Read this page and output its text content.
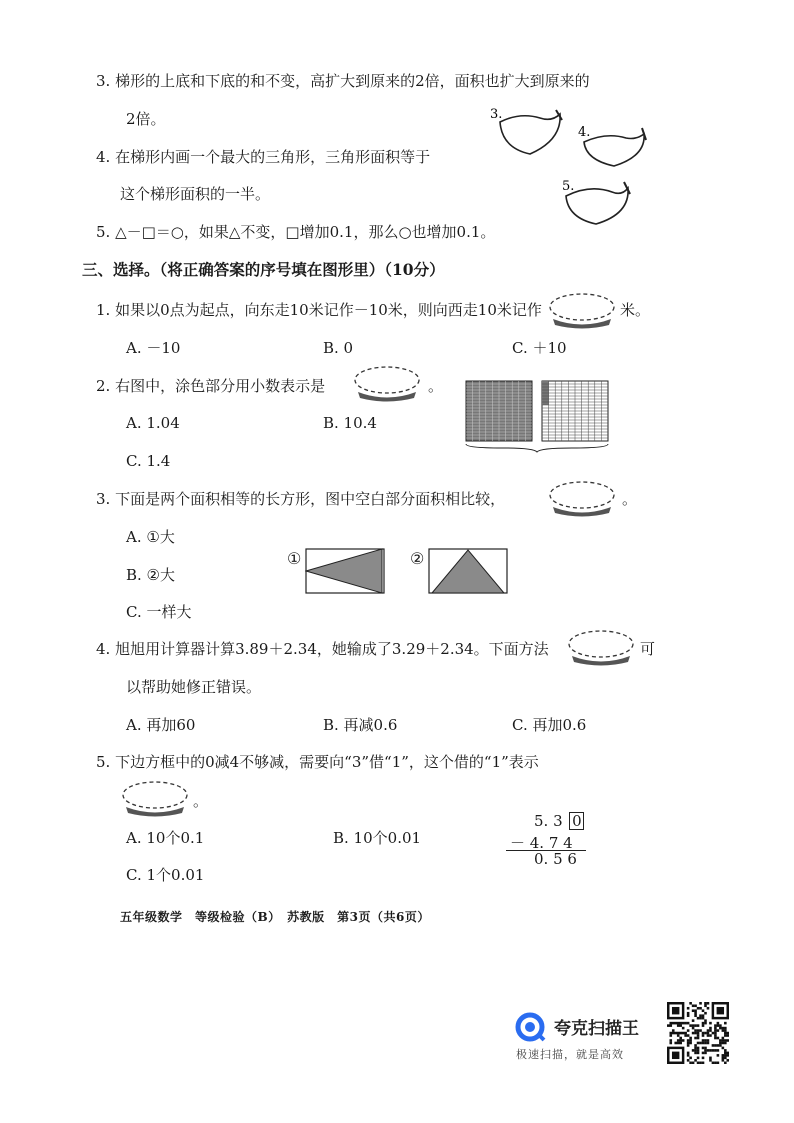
3. 梯形的上底和下底的和不变，高扩大到原来的2倍，面积也扩大到原来的
2倍。
4. 在梯形内画一个最大的三角形，三角形面积等于
这个梯形面积的一半。
5. △－□＝○，如果△不变，□增加0.1，那么○也增加0.1。
3.
4.
5.
三、选择。（将正确答案的序号填在图形里）（10分）
1. 如果以0点为起点，向东走10米记作－10米，则向西走10米记作	米。
A. －10	B. 0	C. ＋10
2. 右图中，涂色部分用小数表示是	。
A. 1.04	B. 10.4
C. 1.4
3. 下面是两个面积相等的长方形，图中空白部分面积相比较，	。
A. ①大
B. ②大
C. 一样大
①	②
4. 旭旭用计算器计算3.89＋2.34，她输成了3.29＋2.34。下面方法	可
以帮助她修正错误。
A. 再加60	B. 再减0.6	C. 再加0.6
5. 下边方框中的0减4不够减，需要向“3”借“1”，这个借的“1”表示
。
A. 10个0.1	B. 10个0.01
C. 1个0.01
5. 3 0
－ 4. 7 4
0. 5 6
五年级数学　等级检验（B）　苏教版　第3页（共6页）
夸克扫描王
极速扫描，就是高效
